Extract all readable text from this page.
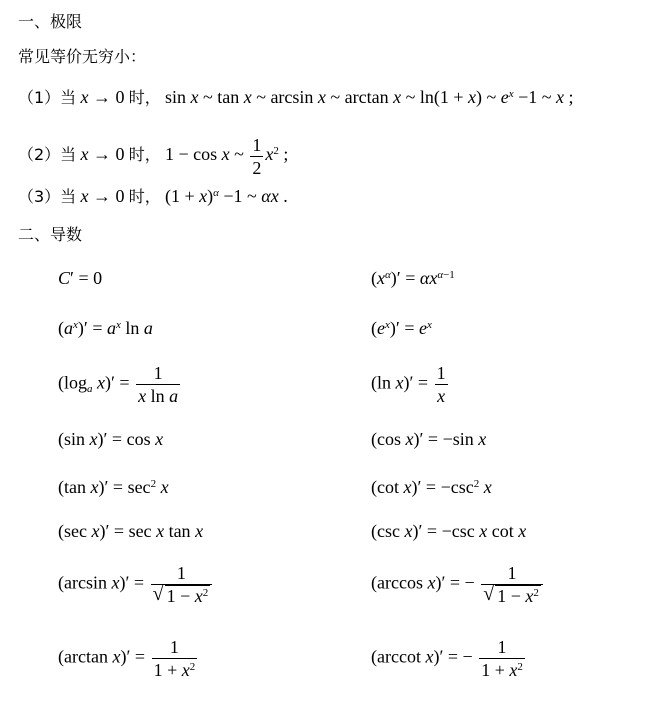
一、极限
常见等价无穷小：
（1）当 x → 0 时， sin x ~ tan x ~ arcsin x ~ arctan x ~ ln(1 + x) ~ $e^x -1$ ~ x ;
（2）当 x → 0 时， 1 − cos x ~ $\frac{1}{2} x^2$ ;
（3）当 x → 0 时， $(1 + x)^\alpha -1$ ~ αx .
二、导数
C′ = 0
$(a^x)' = a^x$ ln a
($\log_a$ $x)' = \frac{1}{\text{x ln a}}$
(sin x)′ = cos x
(tan $x)' = \sec^2 x$
(sec x)′ = sec x tan x
(arcsin x)′ = 1
√ $1 - x^2$
(arctan $x)' = \frac{1}{1 + x^2}$
$(x^\alpha)' = \alpha x^{\alpha-1}$
$(e^x)' = e^x$
(ln $x)' = \frac{1}{x}$
(cos x)′ = −sin x
(cot $x)' = -\csc^2$ x
(csc x)′ = −csc x cot x
(arccos x)′ = − 1
√ $1 - x^2$
(arccot x)′ = − $\frac{1}{1 + x^2}$
